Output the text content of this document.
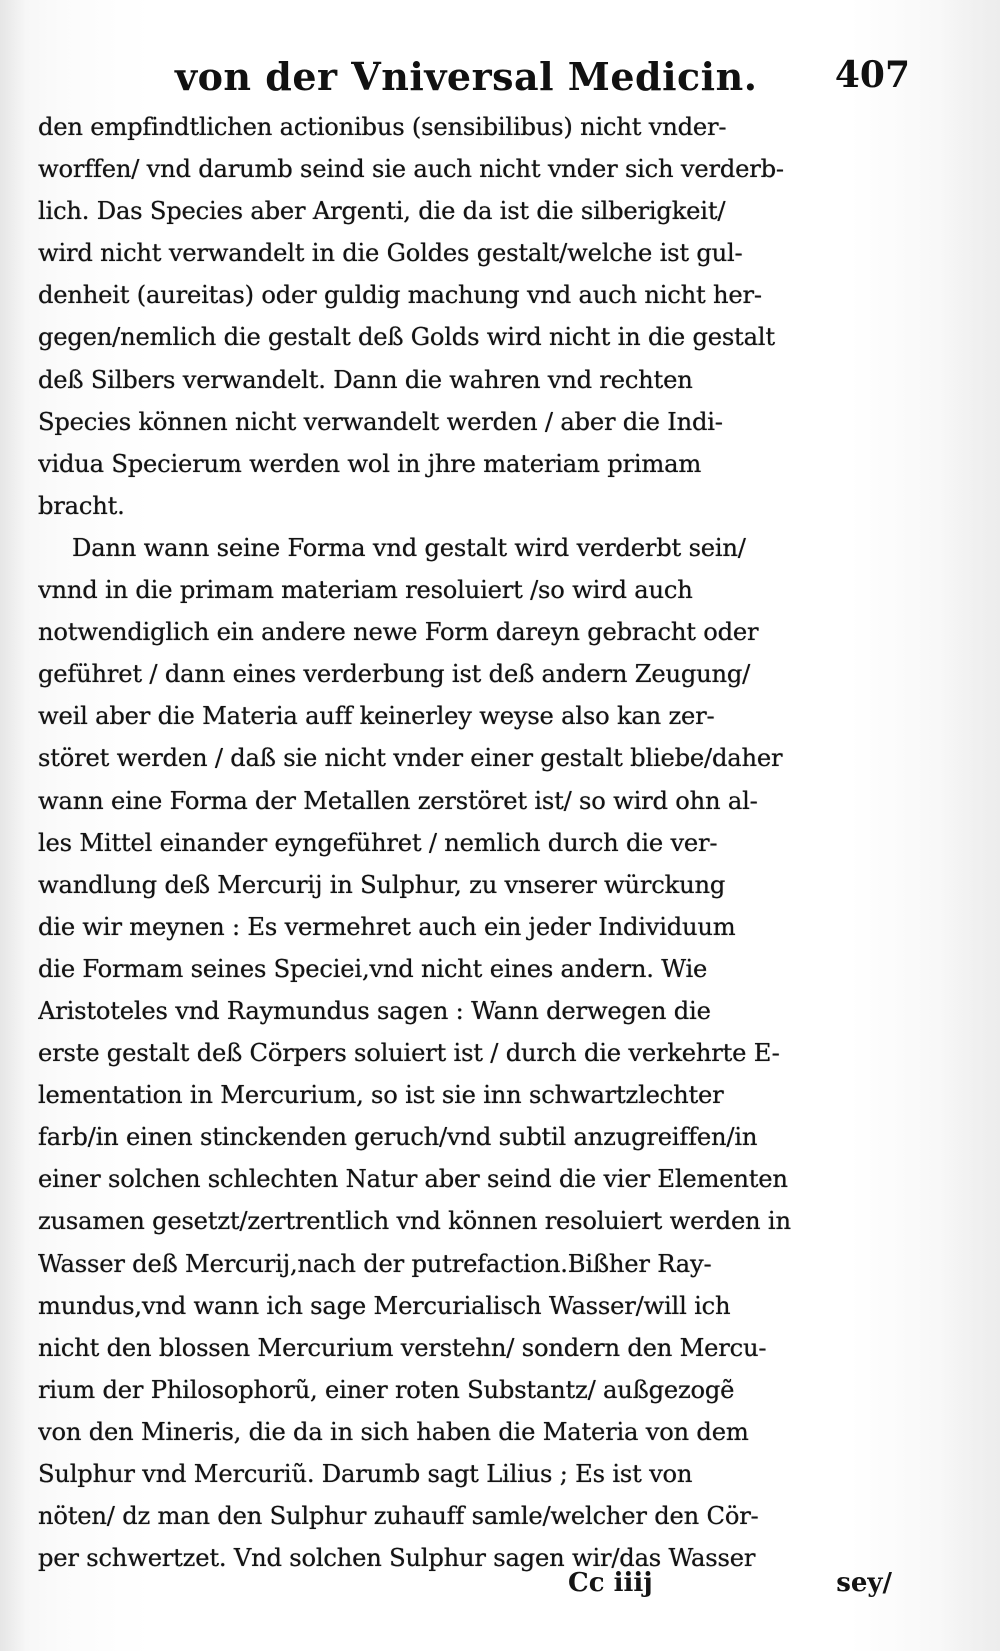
von der Vniversal Medicin. 407
den empfindtlichen actionibus (sensibilibus) nicht vnder-
worffen/ vnd darumb seind sie auch nicht vnder sich verderb-
lich. Das Species aber Argenti, die da ist die silberigkeit/
wird nicht verwandelt in die Goldes gestalt/welche ist gul-
denheit (aureitas) oder guldig machung vnd auch nicht her-
gegen/nemlich die gestalt deß Golds wird nicht in die gestalt
deß Silbers verwandelt. Dann die wahren vnd rechten
Species können nicht verwandelt werden / aber die Indi-
vidua Specierum werden wol in jhre materiam primam
bracht.
Dann wann seine Forma vnd gestalt wird verderbt sein/
vnnd in die primam materiam resoluiert /so wird auch
notwendiglich ein andere newe Form dareyn gebracht oder
geführet / dann eines verderbung ist deß andern Zeugung/
weil aber die Materia auff keinerley weyse also kan zer-
störet werden / daß sie nicht vnder einer gestalt bliebe/daher
wann eine Forma der Metallen zerstöret ist/ so wird ohn al-
les Mittel einander eyngeführet / nemlich durch die ver-
wandlung deß Mercurij in Sulphur, zu vnserer würckung
die wir meynen : Es vermehret auch ein jeder Individuum
die Formam seines Speciei,vnd nicht eines andern. Wie
Aristoteles vnd Raymundus sagen : Wann derwegen die
erste gestalt deß Cörpers soluiert ist / durch die verkehrte E-
lementation in Mercurium, so ist sie inn schwartzlechter
farb/in einen stinckenden geruch/vnd subtil anzugreiffen/in
einer solchen schlechten Natur aber seind die vier Elementen
zusamen gesetzt/zertrentlich vnd können resoluiert werden in
Wasser deß Mercurij,nach der putrefaction.Bißher Ray-
mundus,vnd wann ich sage Mercurialisch Wasser/will ich
nicht den blossen Mercurium verstehn/ sondern den Mercu-
rium der Philosophorũ, einer roten Substantz/ außgezogẽ
von den Mineris, die da in sich haben die Materia von dem
Sulphur vnd Mercuriũ. Darumb sagt Lilius ; Es ist von
nöten/ dz man den Sulphur zuhauff samle/welcher den Cör-
per schwertzet. Vnd solchen Sulphur sagen wir/das Wasser
Cc iiij	sey/
